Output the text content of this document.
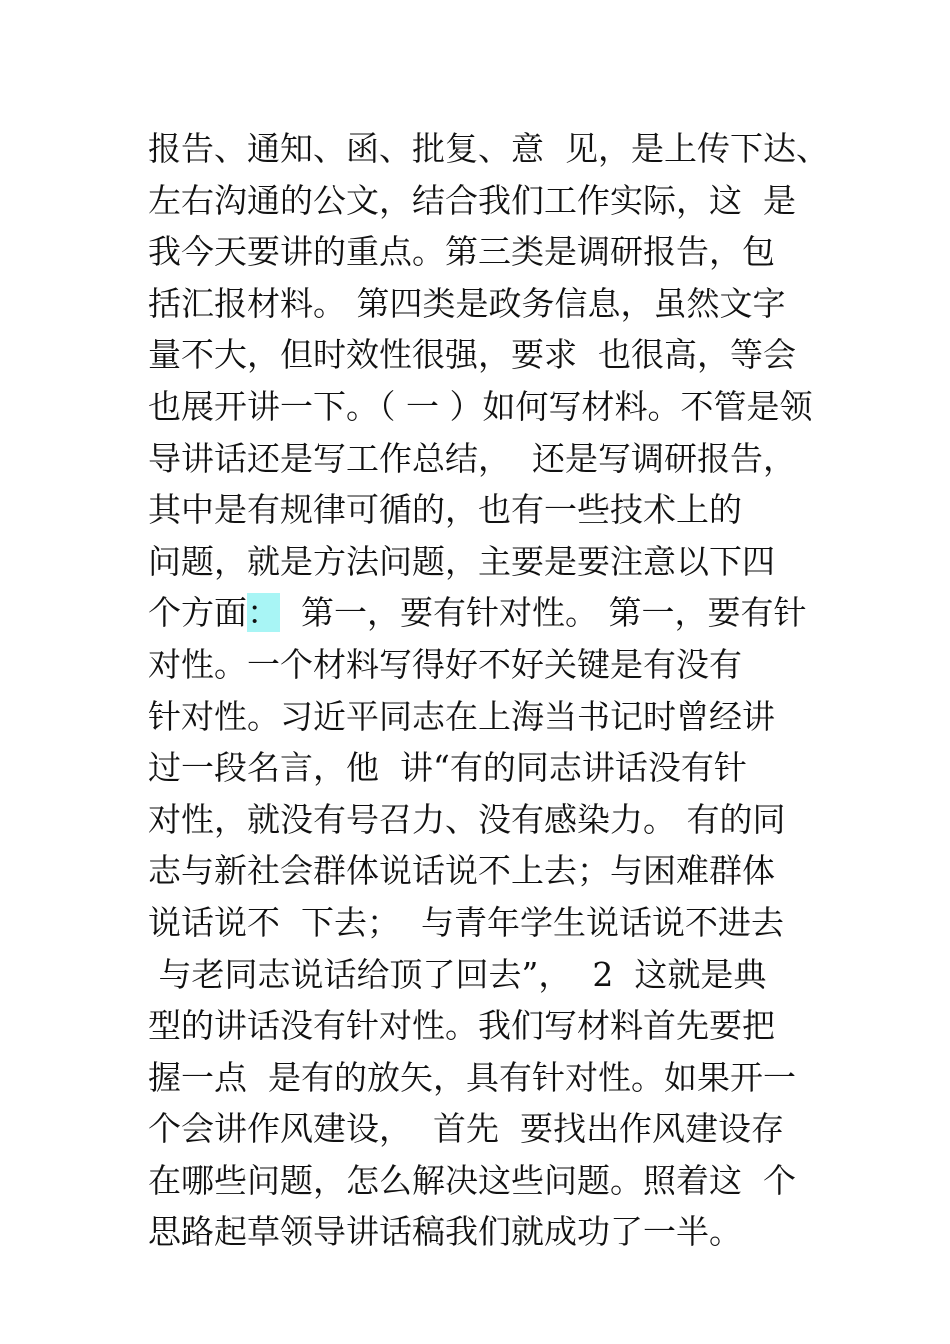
报告、通知、函、批复、意  见，是上传下达、
左右沟通的公文，结合我们工作实际，这  是
我今天要讲的重点。第三类是调研报告，包
括汇报材料。 第四类是政务信息，虽然文字
量不大，但时效性很强，要求  也很高，等会
也展开讲一下。（ 一 ）如何写材料。不管是领
导讲话还是写工作总结，  还是写调研报告，
其中是有规律可循的，也有一些技术上的
问题，就是方法问题，主要是要注意以下四
个方面：  第一，要有针对性。 第一，要有针
对性。一个材料写得好不好关键是有没有
针对性。习近平同志在上海当书记时曾经讲
过一段名言，他  讲“有的同志讲话没有针
对性，就没有号召力、没有感染力。 有的同
志与新社会群体说话说不上去；与困难群体
说话说不  下去；  与青年学生说话说不进去
与老同志说话给顶了回去”，  2  这就是典
型的讲话没有针对性。我们写材料首先要把
握一点  是有的放矢，具有针对性。如果开一
个会讲作风建设，  首先  要找出作风建设存
在哪些问题，怎么解决这些问题。照着这  个
思路起草领导讲话稿我们就成功了一半。
